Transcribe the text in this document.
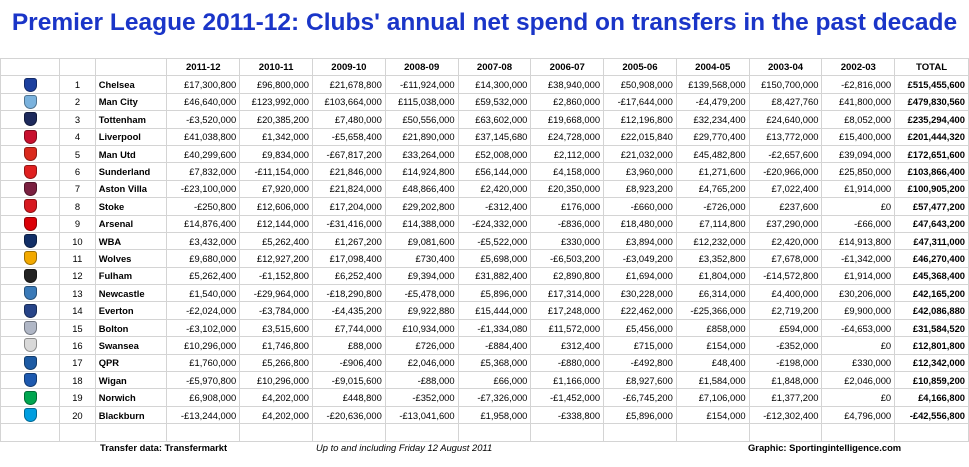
Premier League 2011-12: Clubs' annual net spend on transfers in the past decade
			2011-12	2010-11	2009-10	2008-09	2007-08	2006-07	2005-06	2004-05	2003-04	2002-03	TOTAL
	1	Chelsea	£17,300,800	£96,800,000	£21,678,800	-£11,924,000	£14,300,000	£38,940,000	£50,908,000	£139,568,000	£150,700,000	-£2,816,000	£515,455,600
	2	Man City	£46,640,000	£123,992,000	£103,664,000	£115,038,000	£59,532,000	£2,860,000	-£17,644,000	-£4,479,200	£8,427,760	£41,800,000	£479,830,560
	3	Tottenham	-£3,520,000	£20,385,200	£7,480,000	£50,556,000	£63,602,000	£19,668,000	£12,196,800	£32,234,400	£24,640,000	£8,052,000	£235,294,400
	4	Liverpool	£41,038,800	£1,342,000	-£5,658,400	£21,890,000	£37,145,680	£24,728,000	£22,015,840	£29,770,400	£13,772,000	£15,400,000	£201,444,320
	5	Man Utd	£40,299,600	£9,834,000	-£67,817,200	£33,264,000	£52,008,000	£2,112,000	£21,032,000	£45,482,800	-£2,657,600	£39,094,000	£172,651,600
	6	Sunderland	£7,832,000	-£11,154,000	£21,846,000	£14,924,800	£56,144,000	£4,158,000	£3,960,000	£1,271,600	-£20,966,000	£25,850,000	£103,866,400
	7	Aston Villa	-£23,100,000	£7,920,000	£21,824,000	£48,866,400	£2,420,000	£20,350,000	£8,923,200	£4,765,200	£7,022,400	£1,914,000	£100,905,200
	8	Stoke	-£250,800	£12,606,000	£17,204,000	£29,202,800	-£312,400	£176,000	-£660,000	-£726,000	£237,600	£0	£57,477,200
	9	Arsenal	£14,876,400	£12,144,000	-£31,416,000	£14,388,000	-£24,332,000	-£836,000	£18,480,000	£7,114,800	£37,290,000	-£66,000	£47,643,200
	10	WBA	£3,432,000	£5,262,400	£1,267,200	£9,081,600	-£5,522,000	£330,000	£3,894,000	£12,232,000	£2,420,000	£14,913,800	£47,311,000
	11	Wolves	£9,680,000	£12,927,200	£17,098,400	£730,400	£5,698,000	-£6,503,200	-£3,049,200	£3,352,800	£7,678,000	-£1,342,000	£46,270,400
	12	Fulham	£5,262,400	-£1,152,800	£6,252,400	£9,394,000	£31,882,400	£2,890,800	£1,694,000	£1,804,000	-£14,572,800	£1,914,000	£45,368,400
	13	Newcastle	£1,540,000	-£29,964,000	-£18,290,800	-£5,478,000	£5,896,000	£17,314,000	£30,228,000	£6,314,000	£4,400,000	£30,206,000	£42,165,200
	14	Everton	-£2,024,000	-£3,784,000	-£4,435,200	£9,922,880	£15,444,000	£17,248,000	£22,462,000	-£25,366,000	£2,719,200	£9,900,000	£42,086,880
	15	Bolton	-£3,102,000	£3,515,600	£7,744,000	£10,934,000	-£1,334,080	£11,572,000	£5,456,000	£858,000	£594,000	-£4,653,000	£31,584,520
	16	Swansea	£10,296,000	£1,746,800	£88,000	£726,000	-£884,400	£312,400	£715,000	£154,000	-£352,000	£0	£12,801,800
	17	QPR	£1,760,000	£5,266,800	-£906,400	£2,046,000	£5,368,000	-£880,000	-£492,800	£48,400	-£198,000	£330,000	£12,342,000
	18	Wigan	-£5,970,800	£10,296,000	-£9,015,600	-£88,000	£66,000	£1,166,000	£8,927,600	£1,584,000	£1,848,000	£2,046,000	£10,859,200
	19	Norwich	£6,908,000	£4,202,000	£448,800	-£352,000	-£7,326,000	-£1,452,000	-£6,745,200	£7,106,000	£1,377,200	£0	£4,166,800
	20	Blackburn	-£13,244,000	£4,202,000	-£20,636,000	-£13,041,600	£1,958,000	-£338,800	£5,896,000	£154,000	-£12,302,400	£4,796,000	-£42,556,800

Transfer data: Transfermarkt	Up to and including Friday 12 August 2011	Graphic: Sportingintelligence.com
